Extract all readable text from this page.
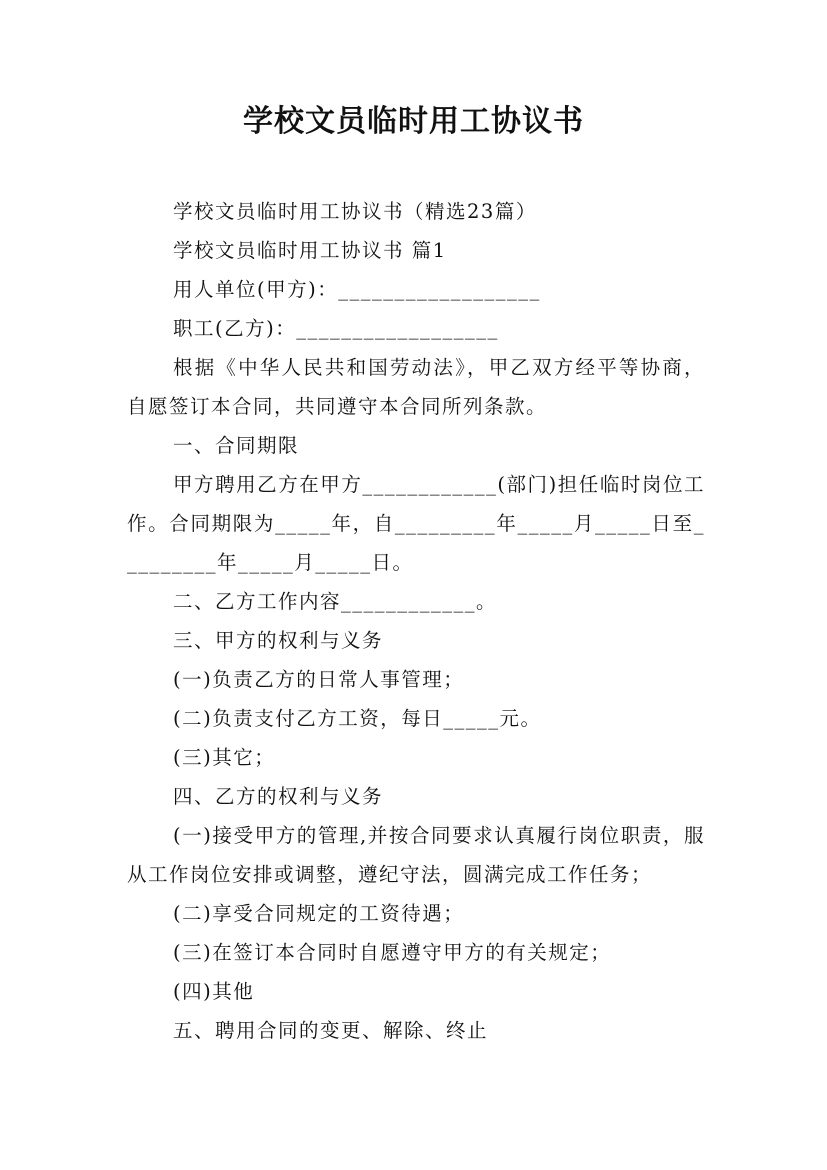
学校文员临时用工协议书

学校文员临时用工协议书（精选23篇）

学校文员临时用工协议书 篇1

用人单位(甲方)：__________________

职工(乙方)：__________________

根据《中华人民共和国劳动法》，甲乙双方经平等协商，自愿签订本合同，共同遵守本合同所列条款。

一、合同期限

甲方聘用乙方在甲方____________(部门)担任临时岗位工作。合同期限为_____年，自_________年_____月_____日至_________年_____月_____日。

二、乙方工作内容____________。

三、甲方的权利与义务

(一)负责乙方的日常人事管理；

(二)负责支付乙方工资，每日_____元。

(三)其它；

四、乙方的权利与义务

(一)接受甲方的管理,并按合同要求认真履行岗位职责，服从工作岗位安排或调整，遵纪守法，圆满完成工作任务；

(二)享受合同规定的工资待遇；

(三)在签订本合同时自愿遵守甲方的有关规定；

(四)其他

五、聘用合同的变更、解除、终止
